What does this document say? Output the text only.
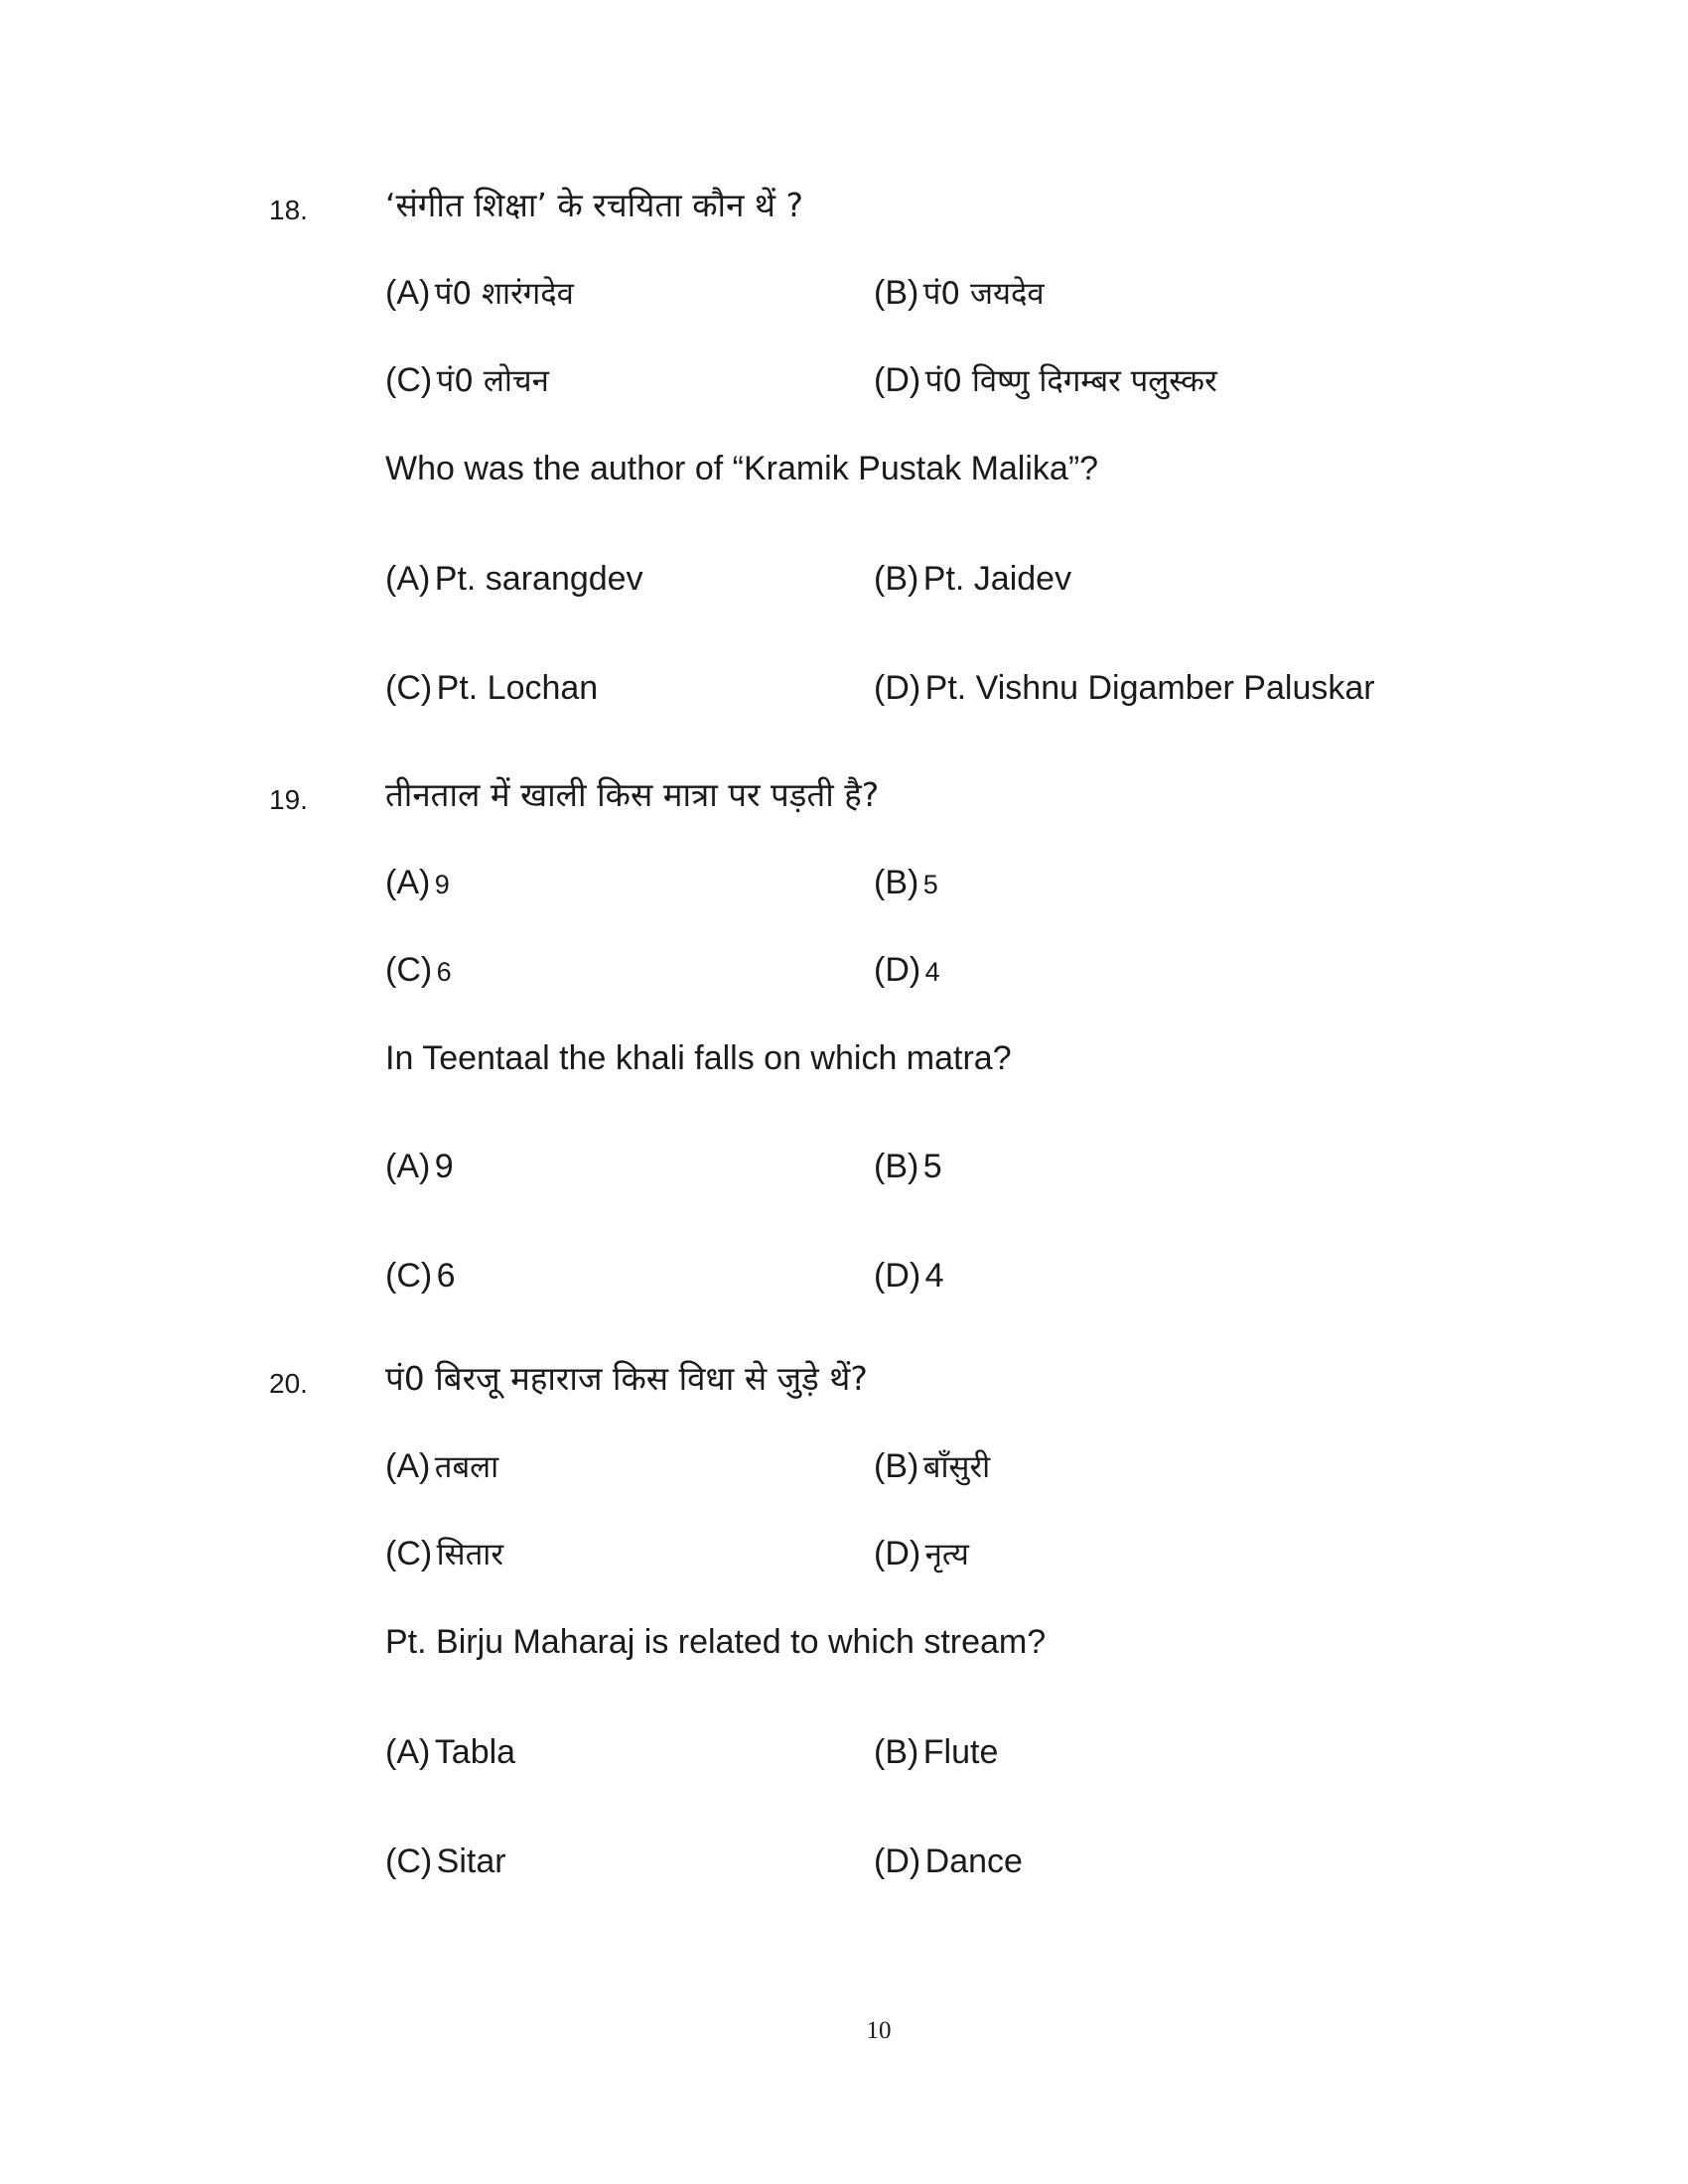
18. ‘संगीत शिक्षा’ के रचयिता कौन थें ?
(A) पं0 शारंगदेव	(B) पं0 जयदेव
(C) पं0 लोचन	(D) पं0 विष्णु दिगम्बर पलुस्कर
Who was the author of “Kramik Pustak Malika”?
(A) Pt. sarangdev	(B) Pt. Jaidev
(C) Pt. Lochan	(D) Pt. Vishnu Digamber Paluskar
19. तीनताल में खाली किस मात्रा पर पड़ती है?
(A) 9	(B) 5
(C) 6	(D) 4
In Teentaal the khali falls on which matra?
(A) 9	(B) 5
(C) 6	(D) 4
20. पं0 बिरजू महाराज किस विधा से जुड़े थें?
(A) तबला	(B) बाँसुरी
(C) सितार	(D) नृत्य
Pt. Birju Maharaj is related to which stream?
(A) Tabla	(B) Flute
(C) Sitar	(D) Dance
10
